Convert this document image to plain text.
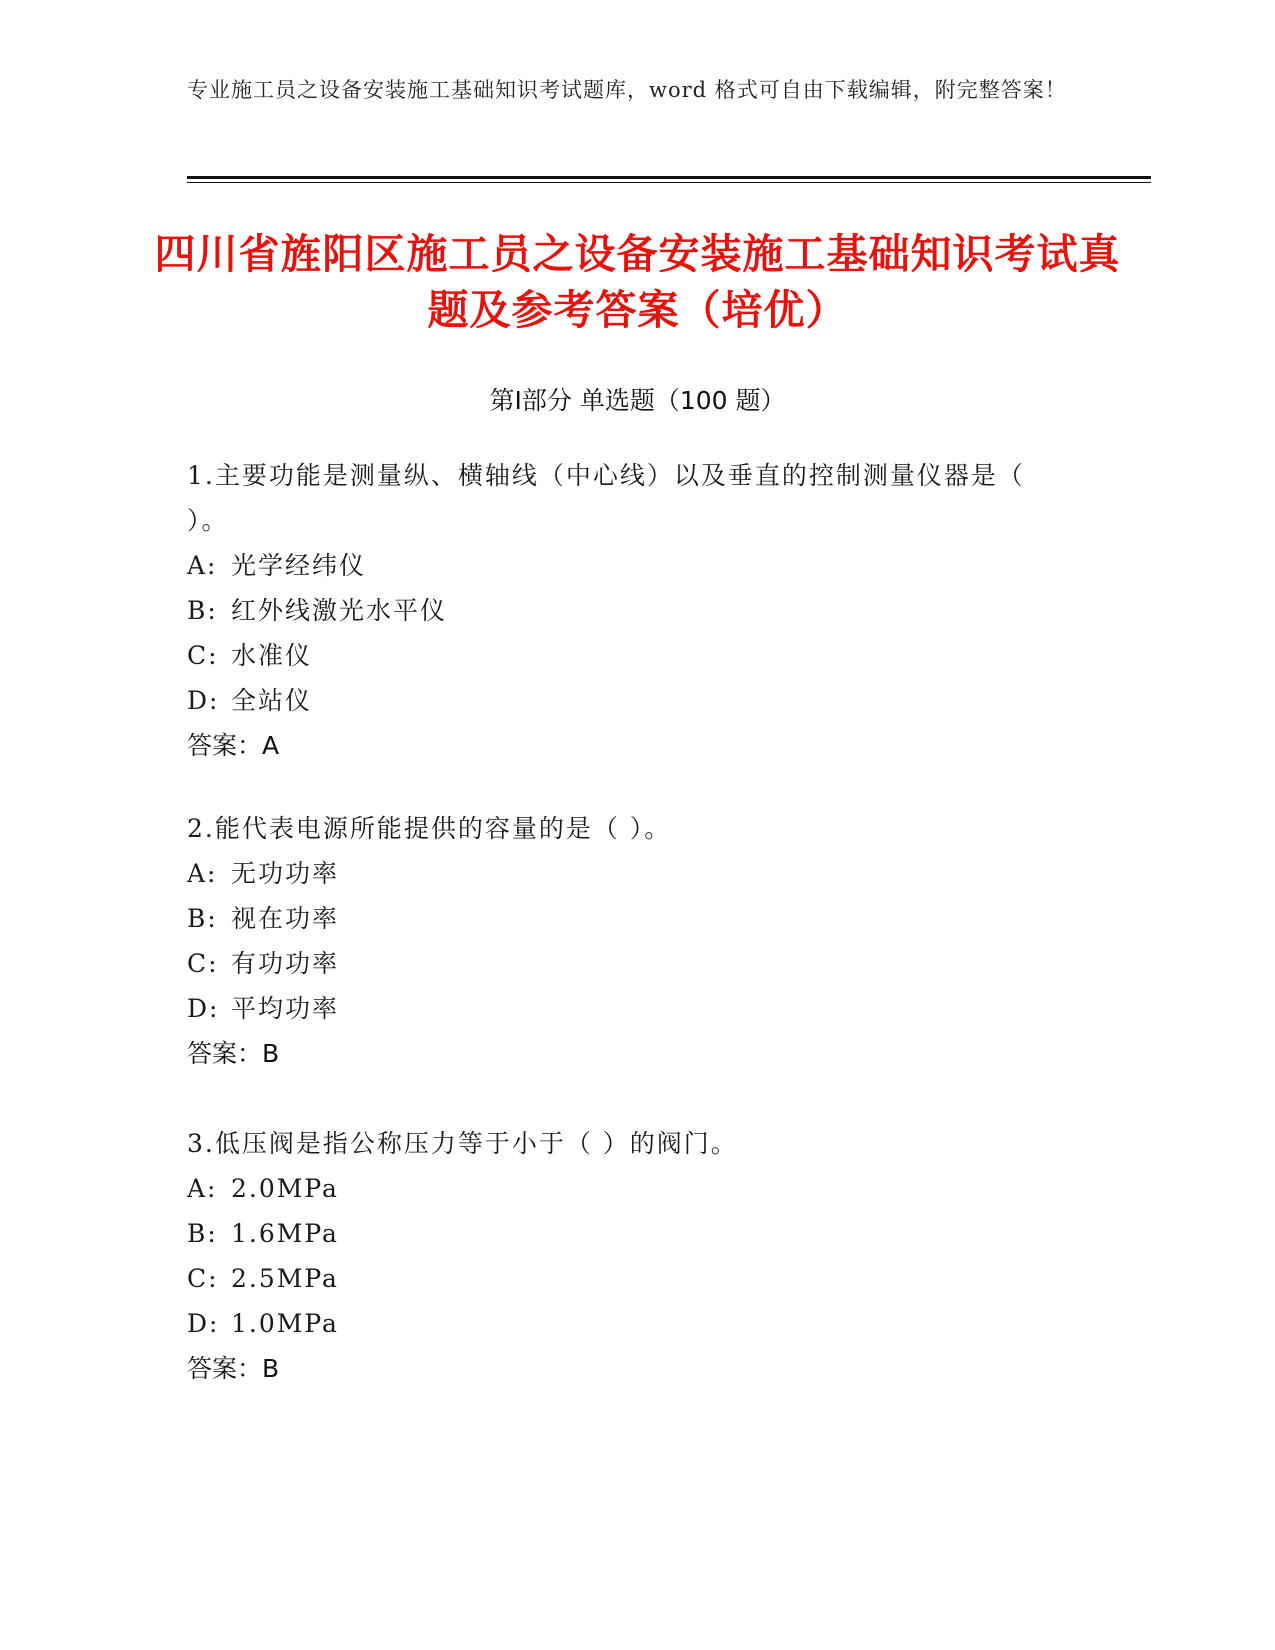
专业施工员之设备安装施工基础知识考试题库，word 格式可自由下载编辑，附完整答案！
四川省旌阳区施工员之设备安装施工基础知识考试真题及参考答案（培优）
第Ⅰ部分 单选题（100 题）
1.主要功能是测量纵、横轴线（中心线）以及垂直的控制测量仪器是（ ）。
A: 光学经纬仪
B: 红外线激光水平仪
C: 水准仪
D: 全站仪
答案：A
2.能代表电源所能提供的容量的是（ ）。
A: 无功功率
B: 视在功率
C: 有功功率
D: 平均功率
答案：B
3.低压阀是指公称压力等于小于（ ）的阀门。
A: 2.0MPa
B: 1.6MPa
C: 2.5MPa
D: 1.0MPa
答案：B
